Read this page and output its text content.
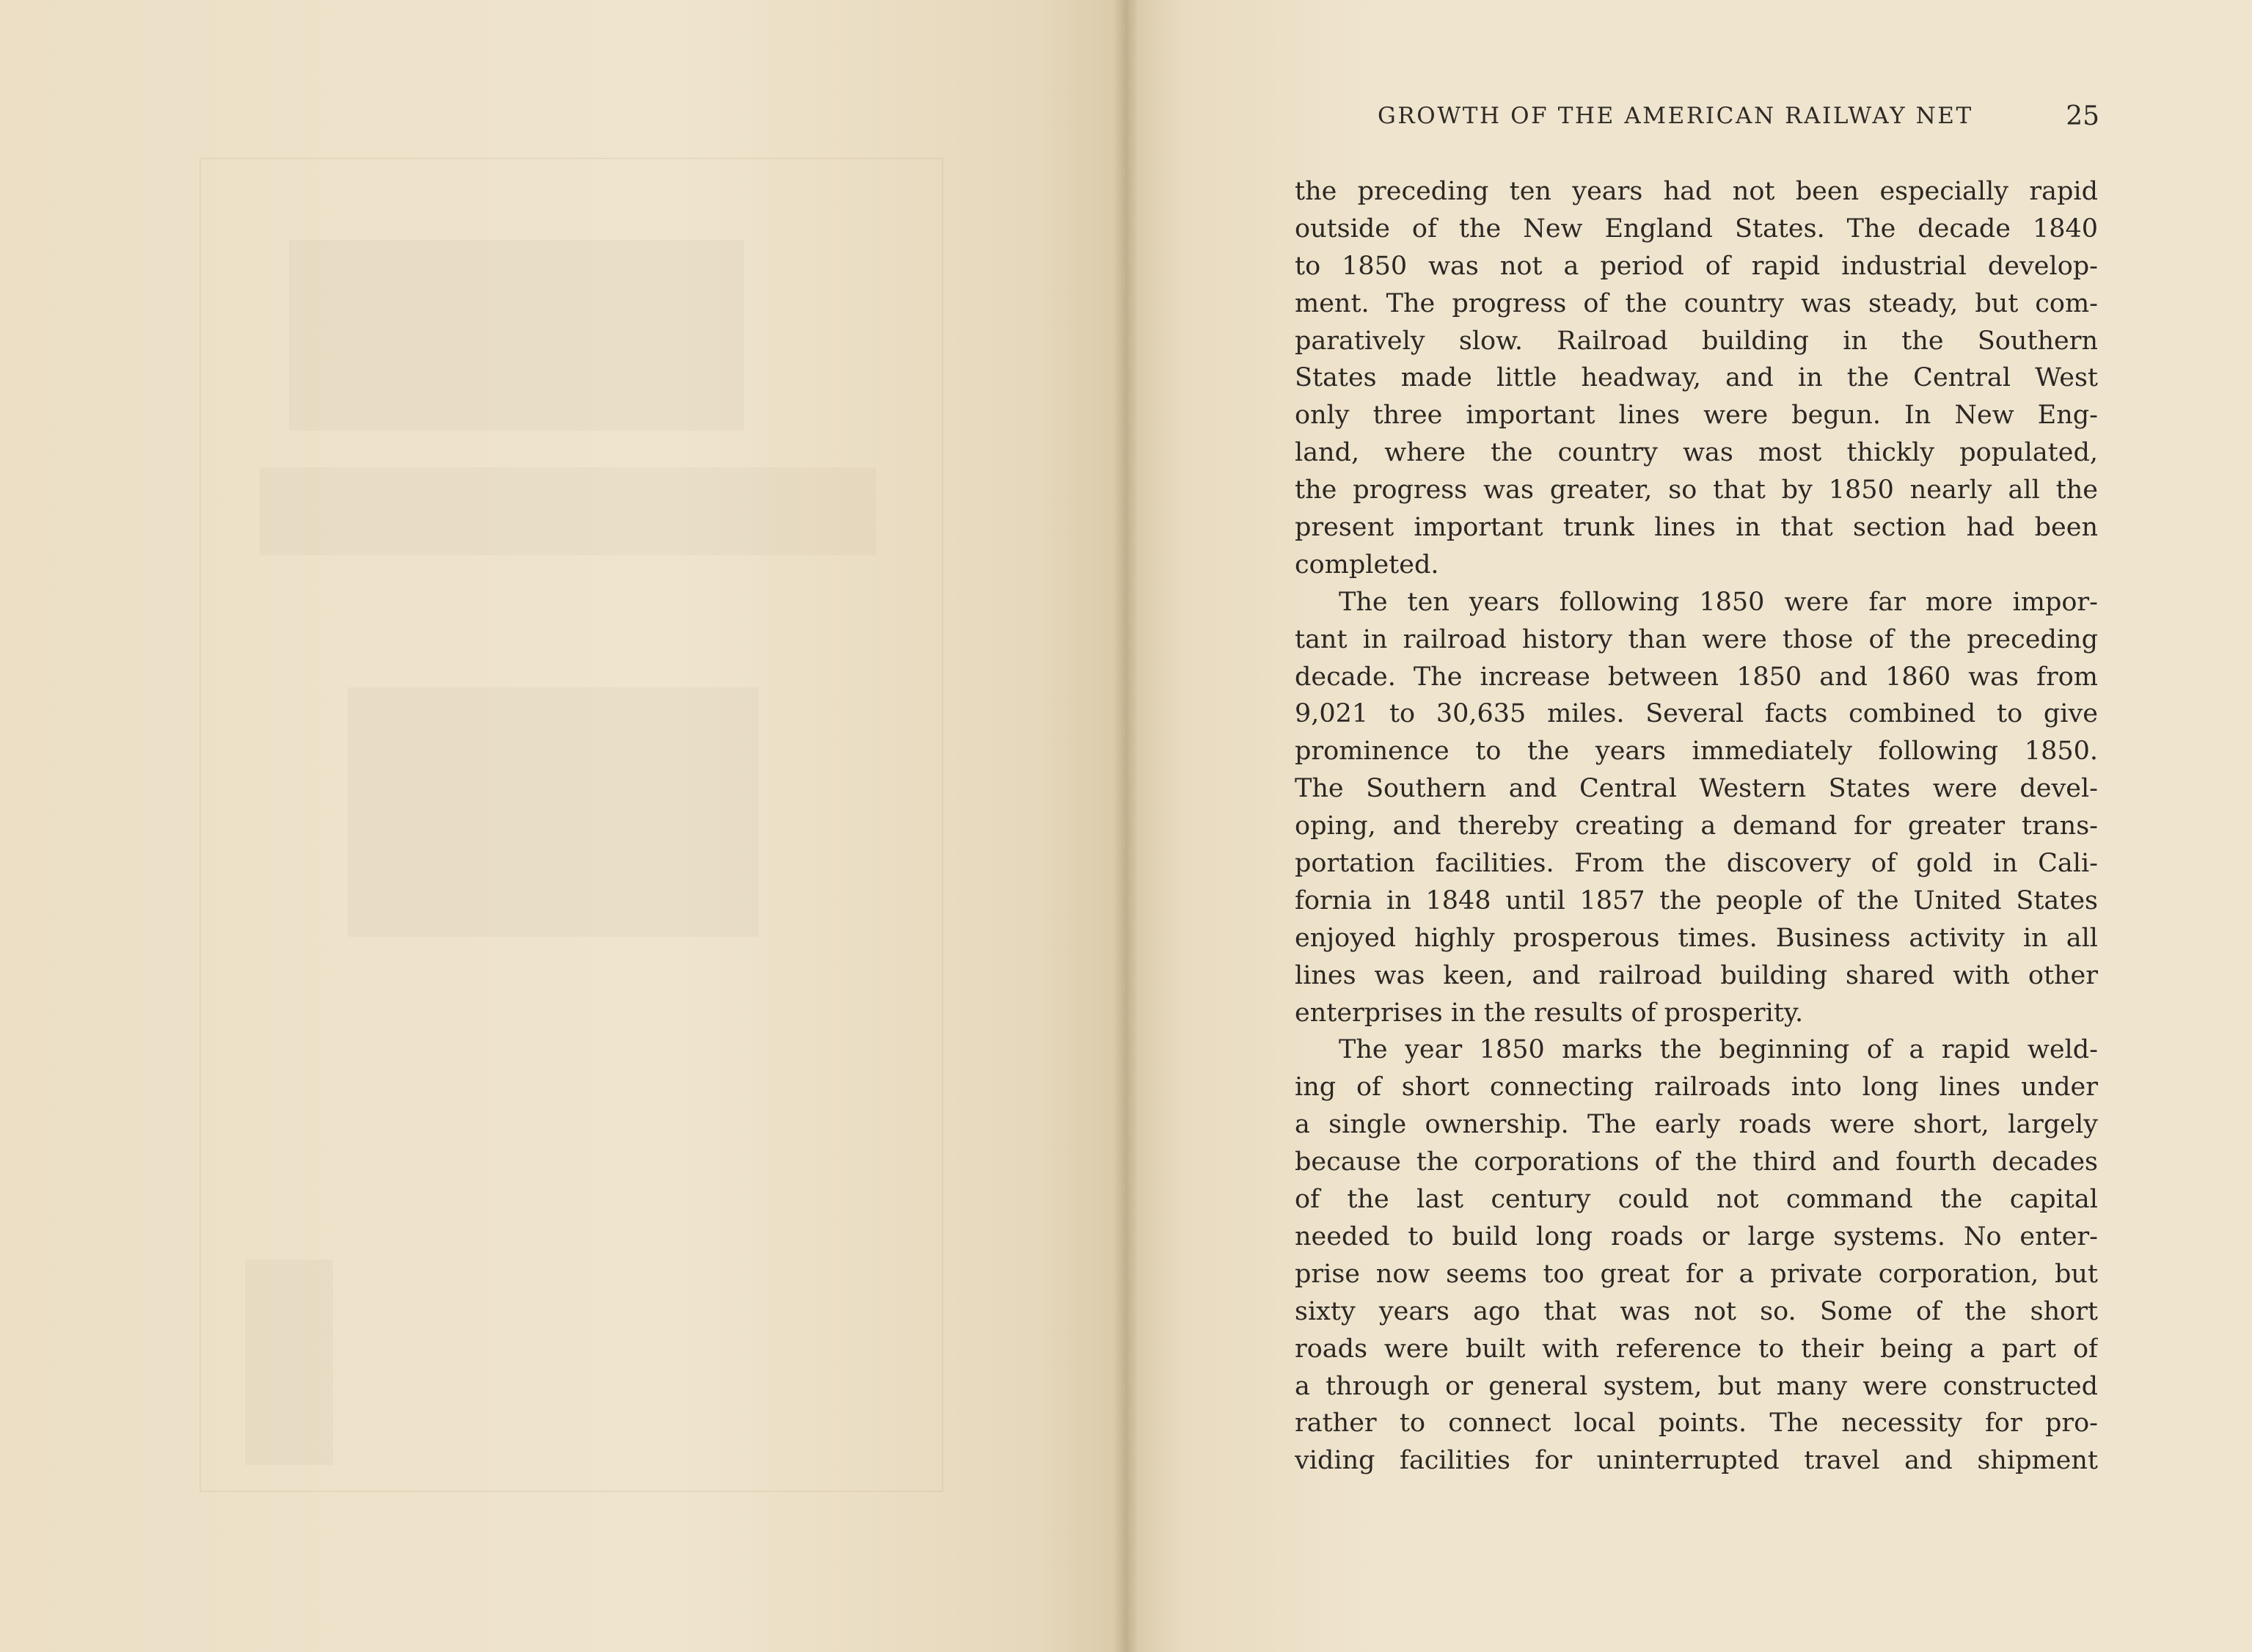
GROWTH OF THE AMERICAN RAILWAY NET	25
the preceding ten years had not been especially rapid
outside of the New England States. The decade 1840
to 1850 was not a period of rapid industrial develop-
ment. The progress of the country was steady, but com-
paratively slow. Railroad building in the Southern
States made little headway, and in the Central West
only three important lines were begun. In New Eng-
land, where the country was most thickly populated,
the progress was greater, so that by 1850 nearly all the
present important trunk lines in that section had been
completed.
The ten years following 1850 were far more impor-
tant in railroad history than were those of the preceding
decade. The increase between 1850 and 1860 was from
9,021 to 30,635 miles. Several facts combined to give
prominence to the years immediately following 1850.
The Southern and Central Western States were devel-
oping, and thereby creating a demand for greater trans-
portation facilities. From the discovery of gold in Cali-
fornia in 1848 until 1857 the people of the United States
enjoyed highly prosperous times. Business activity in all
lines was keen, and railroad building shared with other
enterprises in the results of prosperity.
The year 1850 marks the beginning of a rapid weld-
ing of short connecting railroads into long lines under
a single ownership. The early roads were short, largely
because the corporations of the third and fourth decades
of the last century could not command the capital
needed to build long roads or large systems. No enter-
prise now seems too great for a private corporation, but
sixty years ago that was not so. Some of the short
roads were built with reference to their being a part of
a through or general system, but many were constructed
rather to connect local points. The necessity for pro-
viding facilities for uninterrupted travel and shipment
